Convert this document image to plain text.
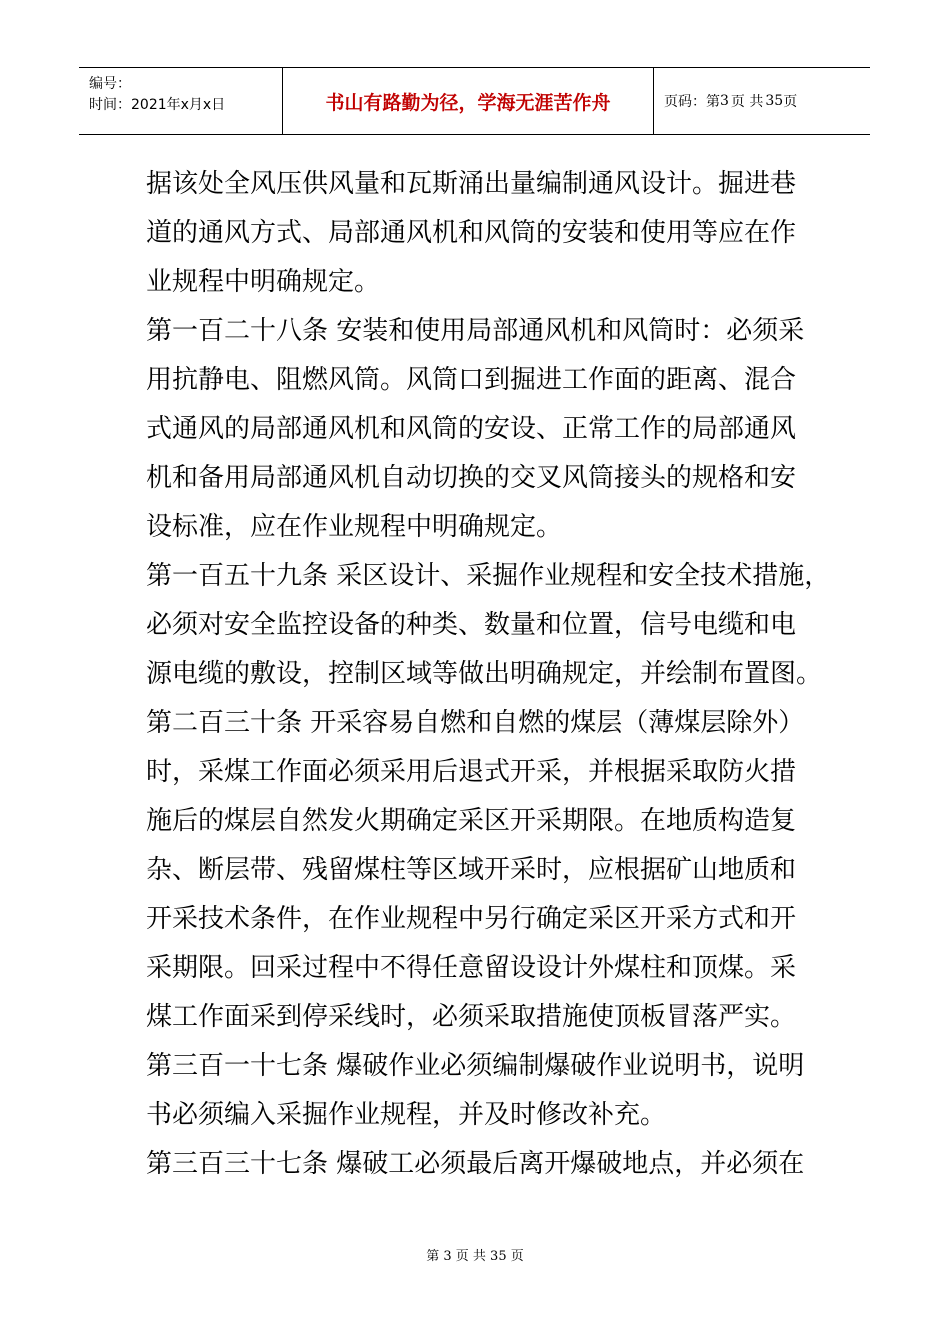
编号：
时间：2021年x月x日	书山有路勤为径，学海无涯苦作舟	页码：第 3 页 共 35 页
据该处全风压供风量和瓦斯涌出量编制通风设计。掘进巷
道的通风方式、局部通风机和风筒的安装和使用等应在作
业规程中明确规定。
第一百二十八条 安装和使用局部通风机和风筒时：必须采
用抗静电、阻燃风筒。风筒口到掘进工作面的距离、混合
式通风的局部通风机和风筒的安设、正常工作的局部通风
机和备用局部通风机自动切换的交叉风筒接头的规格和安
设标准，应在作业规程中明确规定。
第一百五十九条 采区设计、采掘作业规程和安全技术措施，
必须对安全监控设备的种类、数量和位置，信号电缆和电
源电缆的敷设，控制区域等做出明确规定，并绘制布置图。
第二百三十条 开采容易自燃和自燃的煤层（薄煤层除外）
时，采煤工作面必须采用后退式开采，并根据采取防火措
施后的煤层自然发火期确定采区开采期限。在地质构造复
杂、断层带、残留煤柱等区域开采时，应根据矿山地质和
开采技术条件，在作业规程中另行确定采区开采方式和开
采期限。回采过程中不得任意留设设计外煤柱和顶煤。采
煤工作面采到停采线时，必须采取措施使顶板冒落严实。
第三百一十七条 爆破作业必须编制爆破作业说明书，说明
书必须编入采掘作业规程，并及时修改补充。
第三百三十七条 爆破工必须最后离开爆破地点，并必须在
第 3 页 共 35 页
